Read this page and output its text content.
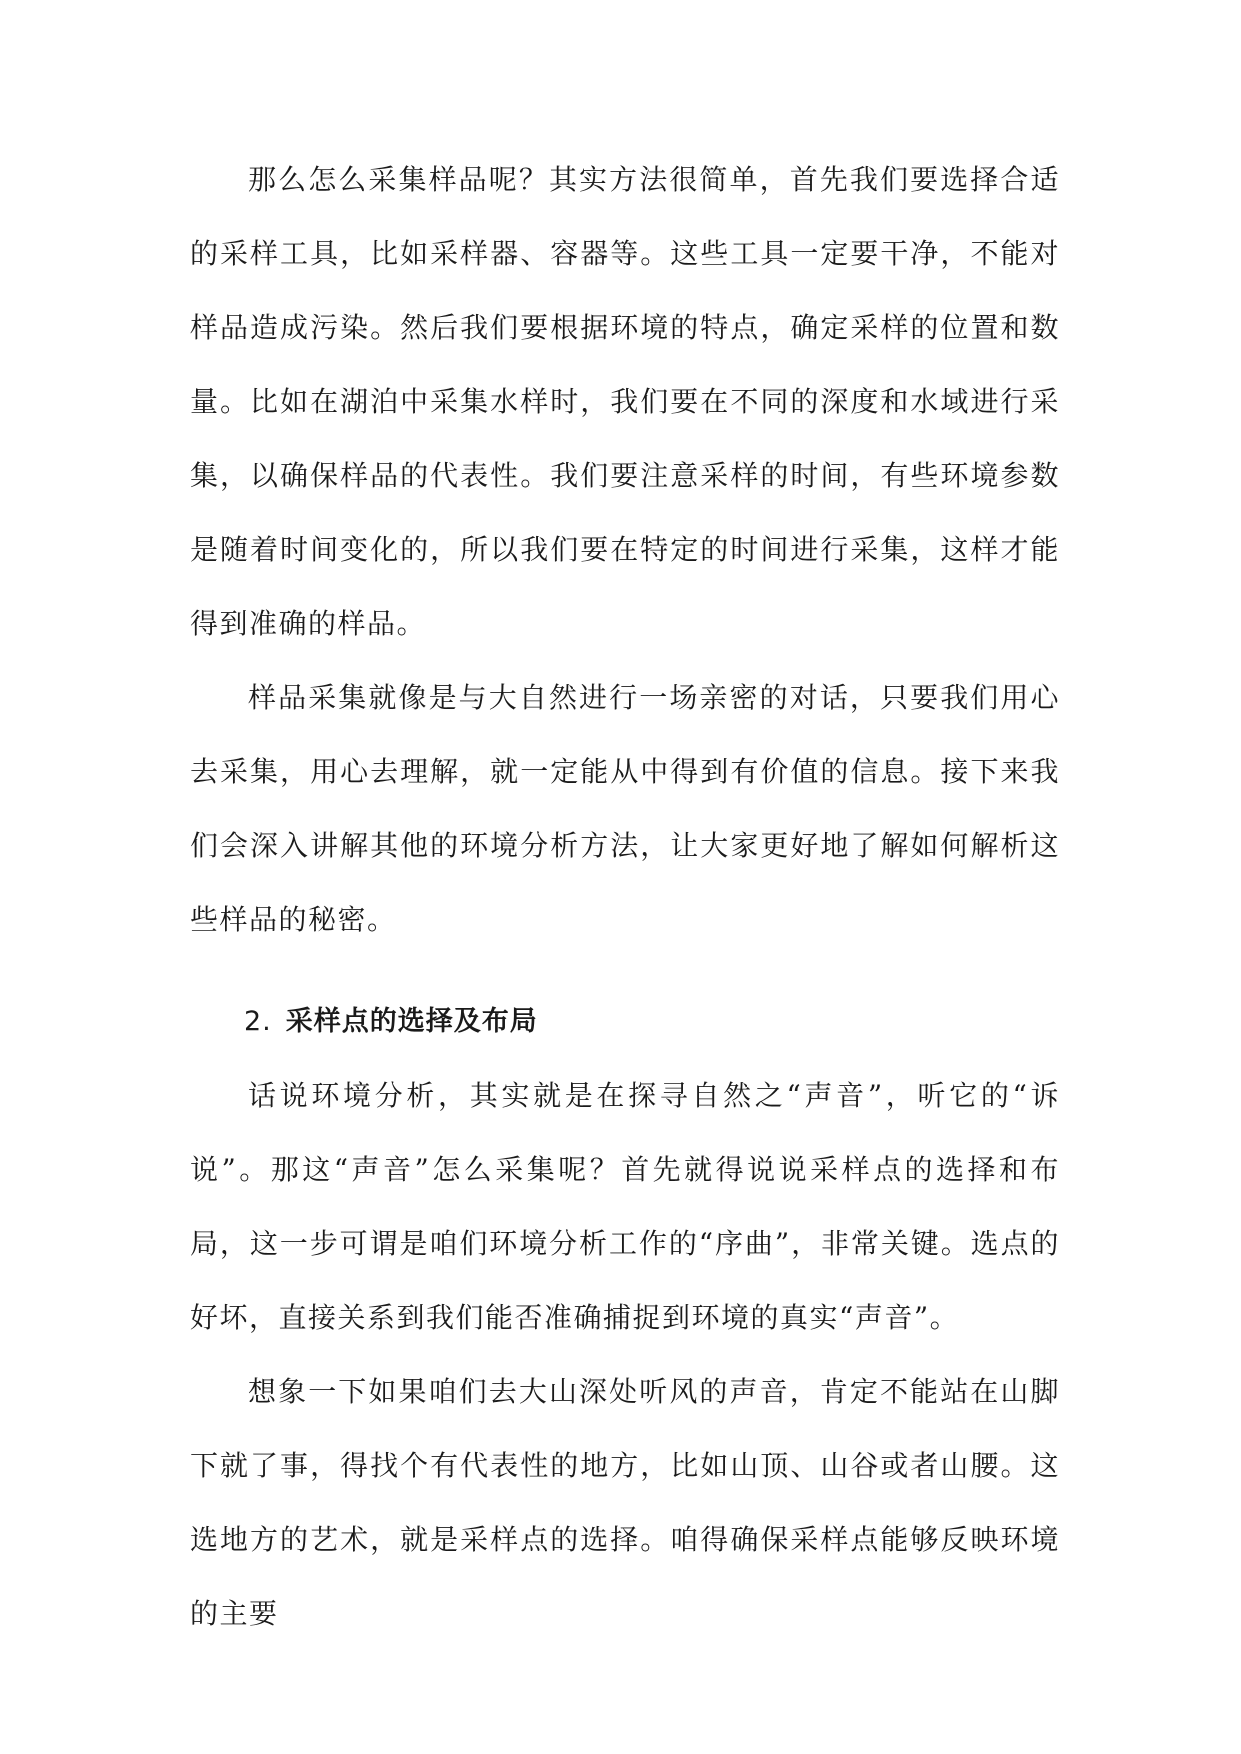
那么怎么采集样品呢？其实方法很简单，首先我们要选择合适的采样工具，比如采样器、容器等。这些工具一定要干净，不能对样品造成污染。然后我们要根据环境的特点，确定采样的位置和数量。比如在湖泊中采集水样时，我们要在不同的深度和水域进行采集，以确保样品的代表性。我们要注意采样的时间，有些环境参数是随着时间变化的，所以我们要在特定的时间进行采集，这样才能得到准确的样品。

样品采集就像是与大自然进行一场亲密的对话，只要我们用心去采集，用心去理解，就一定能从中得到有价值的信息。接下来我们会深入讲解其他的环境分析方法，让大家更好地了解如何解析这些样品的秘密。

2. 采样点的选择及布局

话说环境分析，其实就是在探寻自然之“声音”，听它的“诉说”。那这“声音”怎么采集呢？首先就得说说采样点的选择和布局，这一步可谓是咱们环境分析工作的“序曲”，非常关键。选点的好坏，直接关系到我们能否准确捕捉到环境的真实“声音”。

想象一下如果咱们去大山深处听风的声音，肯定不能站在山脚下就了事，得找个有代表性的地方，比如山顶、山谷或者山腰。这选地方的艺术，就是采样点的选择。咱得确保采样点能够反映环境的主要
